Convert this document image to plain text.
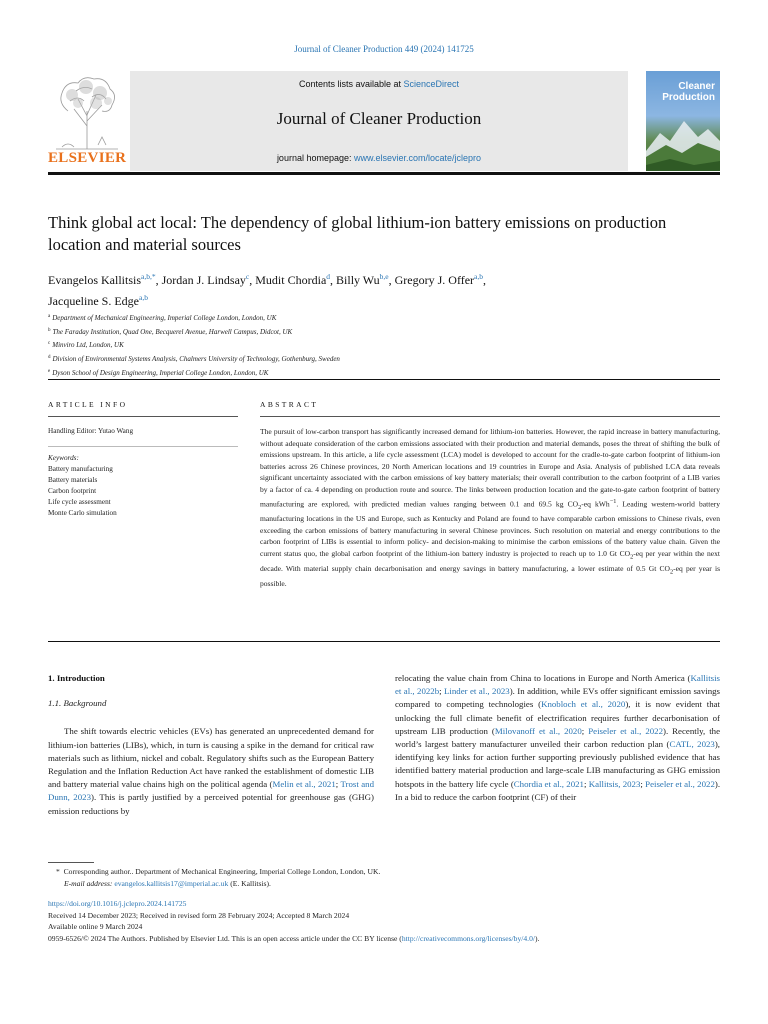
Journal of Cleaner Production 449 (2024) 141725
ELSEVIER
Contents lists available at ScienceDirect
Journal of Cleaner Production
journal homepage: www.elsevier.com/locate/jclepro
Cleaner
Production
Think global act local: The dependency of global lithium-ion battery emissions on production location and material sources
Evangelos Kallitsis$^{a,b,*}$, Jordan J. Lindsay$^c$, Mudit Chordia$^d$, Billy Wu$^{b,e}$, Gregory J. Offer$^{a,b}$,
Jacqueline S. Edge$^{a,b}$
$^a$ Department of Mechanical Engineering, Imperial College London, London, UK
$^b$ The Faraday Institution, Quad One, Becquerel Avenue, Harwell Campus, Didcot, UK
$^c$ Minviro Ltd, London, UK
$^d$ Division of Environmental Systems Analysis, Chalmers University of Technology, Gothenburg, Sweden
$^e$ Dyson School of Design Engineering, Imperial College London, London, UK
ARTICLE INFO
Handling Editor: Yutao Wang
Keywords:
Battery manufacturing
Battery materials
Carbon footprint
Life cycle assessment
Monte Carlo simulation
ABSTRACT
The pursuit of low-carbon transport has significantly increased demand for lithium-ion batteries. However, the rapid increase in battery manufacturing, without adequate consideration of the carbon emissions associated with their production and material demands, poses the threat of shifting the bulk of emissions upstream. In this article, a life cycle assessment (LCA) model is developed to account for the cradle-to-gate carbon footprint of lithium-ion batteries across 26 Chinese provinces, 20 North American locations and 19 countries in Europe and Asia. Analysis of published LCA data reveals significant uncertainty associated with the carbon emissions of key battery materials; their overall contribution to the carbon footprint of a LIB varies by a factor of ca. 4 depending on production route and source. The links between production location and the gate-to-gate carbon footprint of battery manufacturing are explored, with predicted median values ranging between 0.1 and 69.5 kg $CO_2-eq$ kWh$^{-1}$. Leading western-world battery manufacturing locations in the US and Europe, such as Kentucky and Poland are found to have comparable carbon emissions to Chinese rivals, even exceeding the carbon emissions of battery manufacturing in several Chinese provinces. Such resolution on material and energy contributions to the carbon footprint of LIBs is essential to inform policy- and decision-making to minimise the carbon emissions of the battery value chain. Given the current status quo, the global carbon footprint of the lithium-ion battery industry is projected to reach up to 1.0 Gt $CO_2-eq$ per year within the next decade. With material supply chain decarbonisation and energy savings in battery manufacturing, a lower estimate of 0.5 Gt $CO_2-eq$ per year is possible.
1. Introduction
1.1. Background

The shift towards electric vehicles (EVs) has generated an unprecedented demand for lithium-ion batteries (LIBs), which, in turn is causing a spike in the demand for critical raw materials such as lithium, nickel and cobalt. Regulatory shifts such as the European Battery Regulation and the Inflation Reduction Act have ranked the establishment of domestic LIB and battery material value chains high on the political agenda (Melin et al., 2021; Trost and Dunn, 2023). This is partly justified by a perceived potential for greenhouse gas (GHG) emission reductions by

relocating the value chain from China to locations in Europe and North America (Kallitsis et al., 2022b; Linder et al., 2023). In addition, while EVs offer significant emission savings compared to competing technologies (Knobloch et al., 2020), it is now evident that unlocking the full climate benefit of electrification requires further decarbonisation of upstream LIB production (Milovanoff et al., 2020; Peiseler et al., 2022). Recently, the world’s largest battery manufacturer unveiled their carbon reduction plan (CATL, 2023), identifying key links for action further supporting previously published evidence that has identified battery material production and large-scale LIB manufacturing as GHG emission hotspots in the battery life cycle (Chordia et al., 2021; Kallitsis, 2023; Peiseler et al., 2022). In a bid to reduce the carbon footprint (CF) of their

* Corresponding author.. Department of Mechanical Engineering, Imperial College London, London, UK.
E-mail address: evangelos.kallitsis17@imperial.ac.uk (E. Kallitsis).
https://doi.org/10.1016/j.jclepro.2024.141725
Received 14 December 2023; Received in revised form 28 February 2024; Accepted 8 March 2024
Available online 9 March 2024
0959-6526/© 2024 The Authors. Published by Elsevier Ltd. This is an open access article under the CC BY license (http://creativecommons.org/licenses/by/4.0/).
